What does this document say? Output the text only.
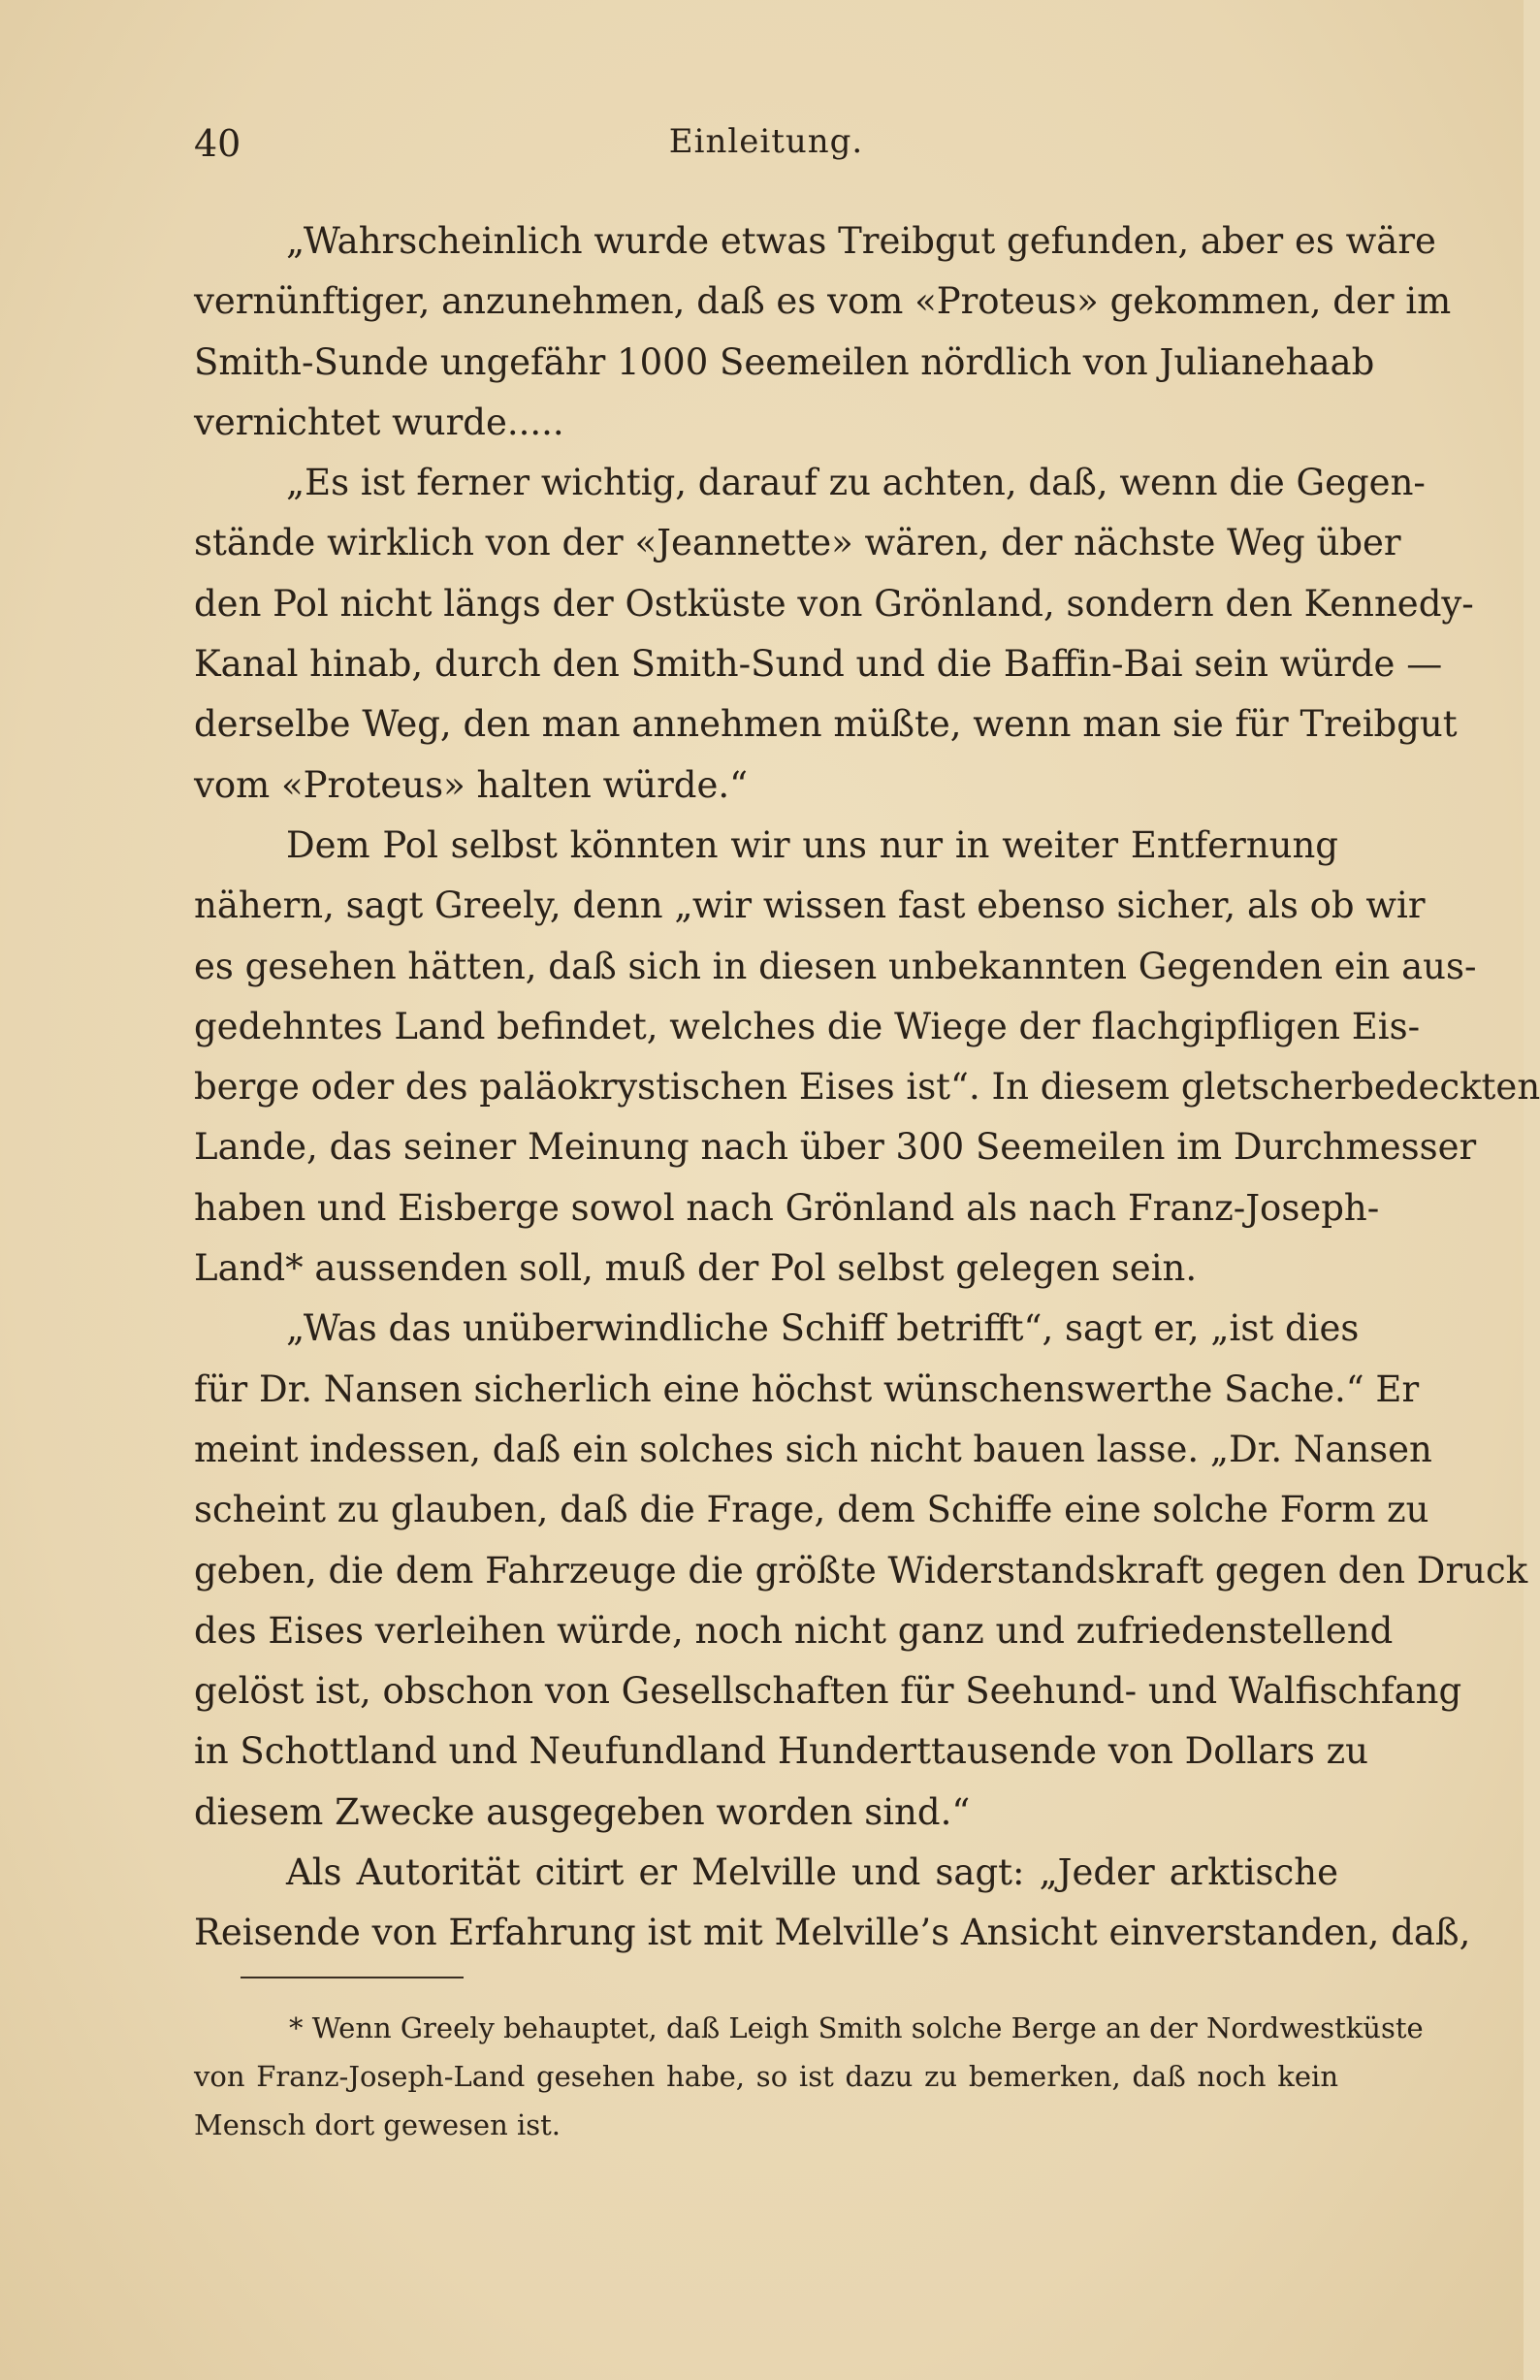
40	Einleitung.
„Wahrscheinlich wurde etwas Treibgut gefunden, aber es wäre
vernünftiger, anzunehmen, daß es vom «Proteus» gekommen, der im
Smith-Sunde ungefähr 1000 Seemeilen nördlich von Julianehaab
vernichtet wurde.....
„Es ist ferner wichtig, darauf zu achten, daß, wenn die Gegen-
stände wirklich von der «Jeannette» wären, der nächste Weg über
den Pol nicht längs der Ostküste von Grönland, sondern den Kennedy-
Kanal hinab, durch den Smith-Sund und die Baffin-Bai sein würde —
derselbe Weg, den man annehmen müßte, wenn man sie für Treibgut
vom «Proteus» halten würde.“
Dem Pol selbst könnten wir uns nur in weiter Entfernung
nähern, sagt Greely, denn „wir wissen fast ebenso sicher, als ob wir
es gesehen hätten, daß sich in diesen unbekannten Gegenden ein aus-
gedehntes Land befindet, welches die Wiege der flachgipfligen Eis-
berge oder des paläokrystischen Eises ist“. In diesem gletscherbedeckten
Lande, das seiner Meinung nach über 300 Seemeilen im Durchmesser
haben und Eisberge sowol nach Grönland als nach Franz-Joseph-
Land* aussenden soll, muß der Pol selbst gelegen sein.
„Was das unüberwindliche Schiff betrifft“, sagt er, „ist dies
für Dr. Nansen sicherlich eine höchst wünschenswerthe Sache.“ Er
meint indessen, daß ein solches sich nicht bauen lasse. „Dr. Nansen
scheint zu glauben, daß die Frage, dem Schiffe eine solche Form zu
geben, die dem Fahrzeuge die größte Widerstandskraft gegen den Druck
des Eises verleihen würde, noch nicht ganz und zufriedenstellend
gelöst ist, obschon von Gesellschaften für Seehund- und Walfischfang
in Schottland und Neufundland Hunderttausende von Dollars zu
diesem Zwecke ausgegeben worden sind.“
Als Autorität citirt er Melville und sagt: „Jeder arktische
Reisende von Erfahrung ist mit Melville’s Ansicht einverstanden, daß,
* Wenn Greely behauptet, daß Leigh Smith solche Berge an der Nordwestküste
von Franz-Joseph-Land gesehen habe, so ist dazu zu bemerken, daß noch kein
Mensch dort gewesen ist.
